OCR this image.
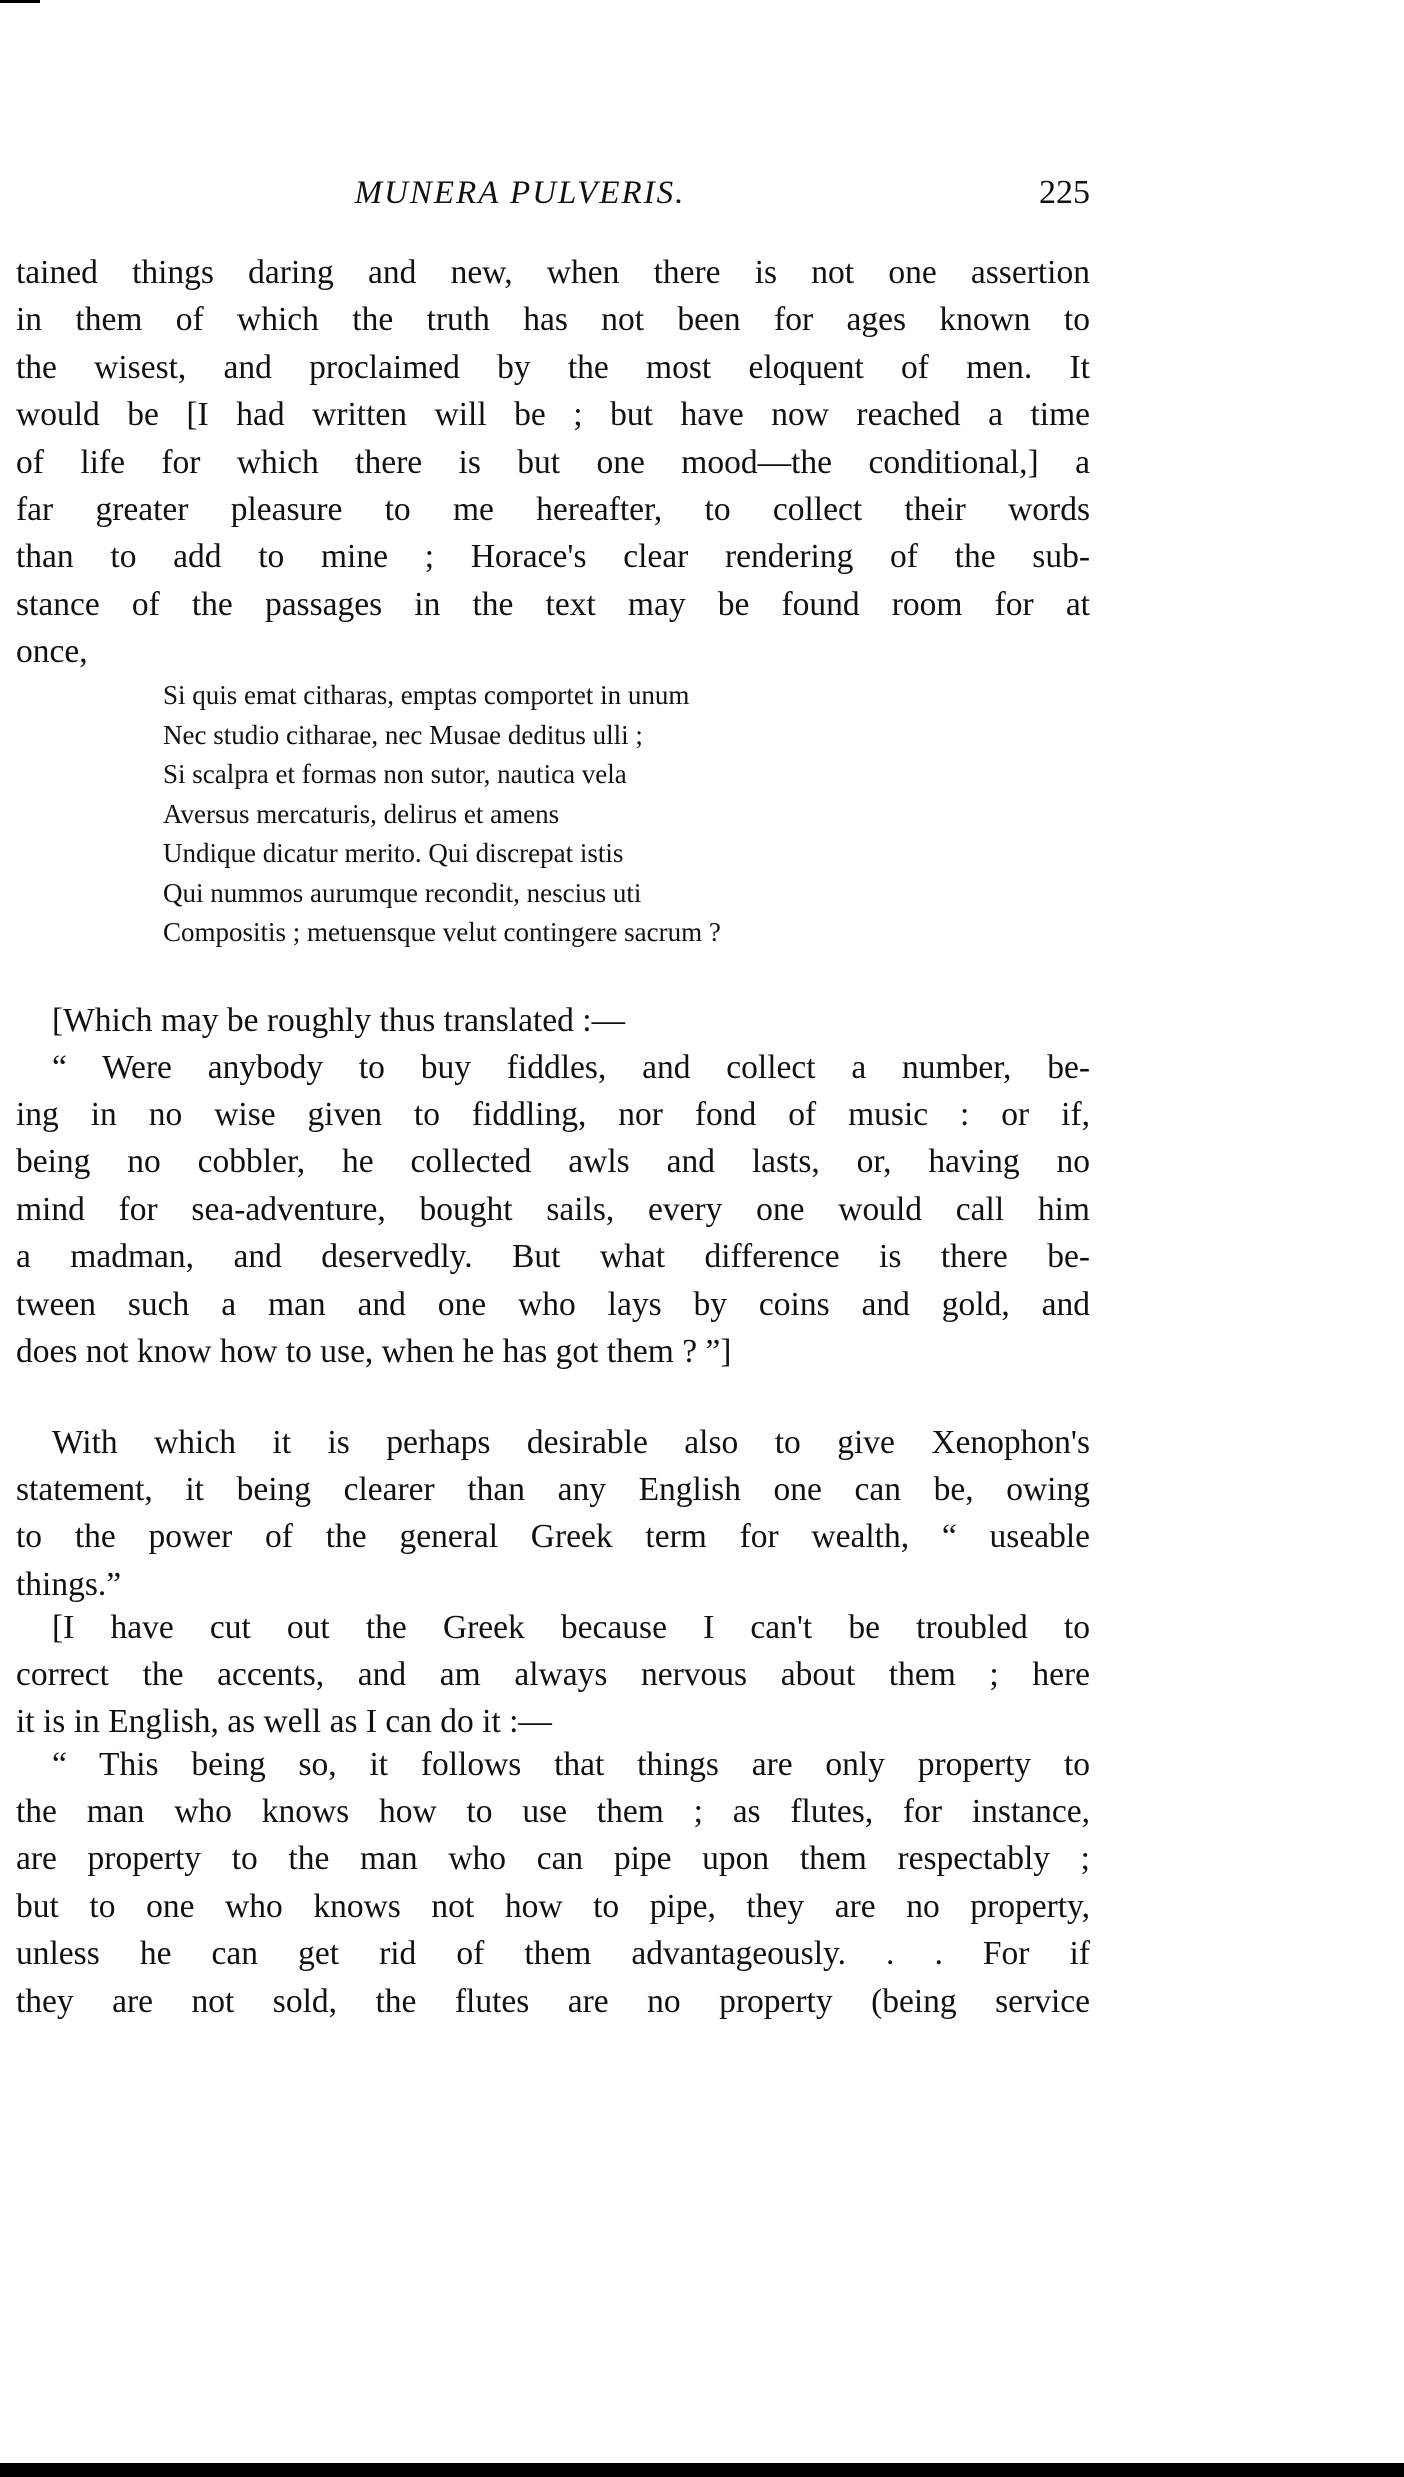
MUNERA PULVERIS.	225
tained things daring and new, when there is not one assertion
in them of which the truth has not been for ages known to
the wisest, and proclaimed by the most eloquent of men. It
would be [I had written will be ; but have now reached a time
of life for which there is but one mood—the conditional,] a
far greater pleasure to me hereafter, to collect their words
than to add to mine ; Horace's clear rendering of the sub-
stance of the passages in the text may be found room for at
once,
[Which may be roughly thus translated :—
“ Were anybody to buy fiddles, and collect a number, be-
ing in no wise given to fiddling, nor fond of music : or if,
being no cobbler, he collected awls and lasts, or, having no
mind for sea-adventure, bought sails, every one would call him
a madman, and deservedly. But what difference is there be-
tween such a man and one who lays by coins and gold, and
does not know how to use, when he has got them ? ”]
With which it is perhaps desirable also to give Xenophon's
statement, it being clearer than any English one can be, owing
to the power of the general Greek term for wealth, “ useable
things.”
[I have cut out the Greek because I can't be troubled to
correct the accents, and am always nervous about them ; here
it is in English, as well as I can do it :—
“ This being so, it follows that things are only property to
the man who knows how to use them ; as flutes, for instance,
are property to the man who can pipe upon them respectably ;
but to one who knows not how to pipe, they are no property,
unless he can get rid of them advantageously. . . For if
they are not sold, the flutes are no property (being service
Si quis emat citharas, emptas comportet in unum
Nec studio citharae, nec Musae deditus ulli ;
Si scalpra et formas non sutor, nautica vela
Aversus mercaturis, delirus et amens
Undique dicatur merito. Qui discrepat istis
Qui nummos aurumque recondit, nescius uti
Compositis ; metuensque velut contingere sacrum ?
